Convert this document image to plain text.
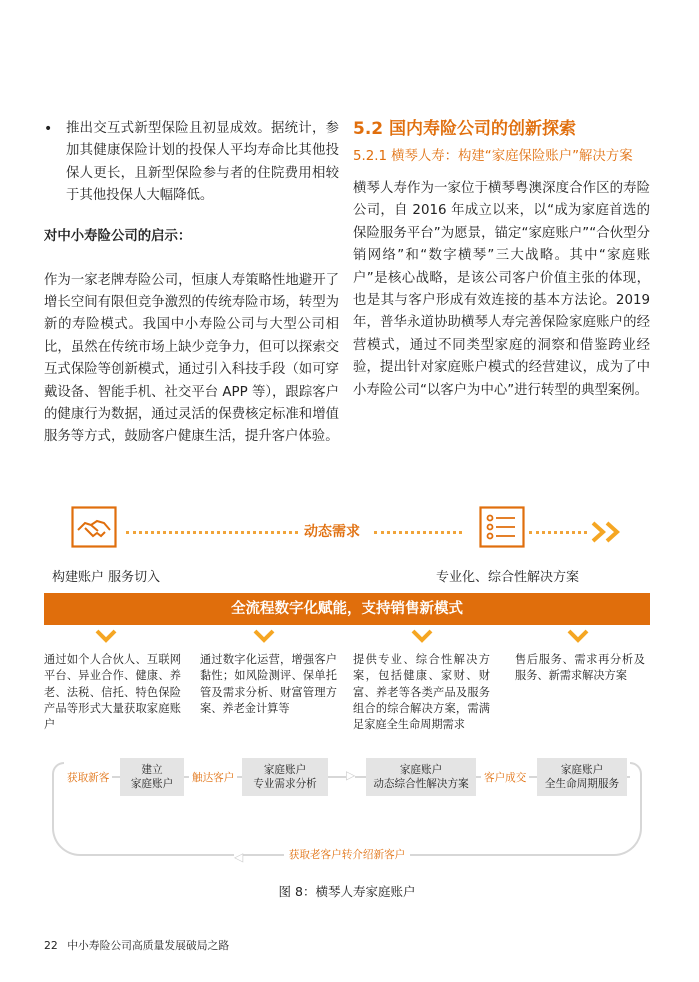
•	推出交互式新型保险且初显成效。据统计，参加其健康保险计划的投保人平均寿命比其他投保人更长，且新型保险参与者的住院费用相较于其他投保人大幅降低。
对中小寿险公司的启示：
作为一家老牌寿险公司，恒康人寿策略性地避开了增长空间有限但竞争激烈的传统寿险市场，转型为新的寿险模式。我国中小寿险公司与大型公司相比，虽然在传统市场上缺少竞争力，但可以探索交互式保险等创新模式，通过引入科技手段（如可穿戴设备、智能手机、社交平台 APP 等），跟踪客户的健康行为数据，通过灵活的保费核定标准和增值服务等方式，鼓励客户健康生活，提升客户体验。
5.2 国内寿险公司的创新探索
5.2.1 横琴人寿：构建“家庭保险账户”解决方案
横琴人寿作为一家位于横琴粤澳深度合作区的寿险公司，自 2016 年成立以来，以“成为家庭首选的保险服务平台”为愿景，锚定“家庭账户”“合伙型分销网络”和“数字横琴”三大战略。其中“家庭账户”是核心战略，是该公司客户价值主张的体现，也是其与客户形成有效连接的基本方法论。2019 年，普华永道协助横琴人寿完善保险家庭账户的经营模式，通过不同类型家庭的洞察和借鉴跨业经验，提出针对家庭账户模式的经营建议，成为了中小寿险公司“以客户为中心”进行转型的典型案例。
构建账户 服务切入
动态需求
专业化、综合性解决方案
全流程数字化赋能，支持销售新模式
通过如个人合伙人、互联网平台、异业合作、健康、养老、法税、信托、特色保险产品等形式大量获取家庭账户
通过数字化运营，增强客户黏性；如风险测评、保单托管及需求分析、财富管理方案、养老金计算等
提供专业、综合性解决方案，包括健康、家财、财富、养老等各类产品及服务组合的综合解决方案，需满足家庭全生命周期需求
售后服务、需求再分析及服务、新需求解决方案
获取新客
建立
家庭账户 触达客户
家庭账户
专业需求分析
▷	家庭账户
动态综合性解决方案 客户成交
家庭账户
全生命周期服务
获取老客户转介绍新客户
◁
图 8：横琴人寿家庭账户
22 中小寿险公司高质量发展破局之路
